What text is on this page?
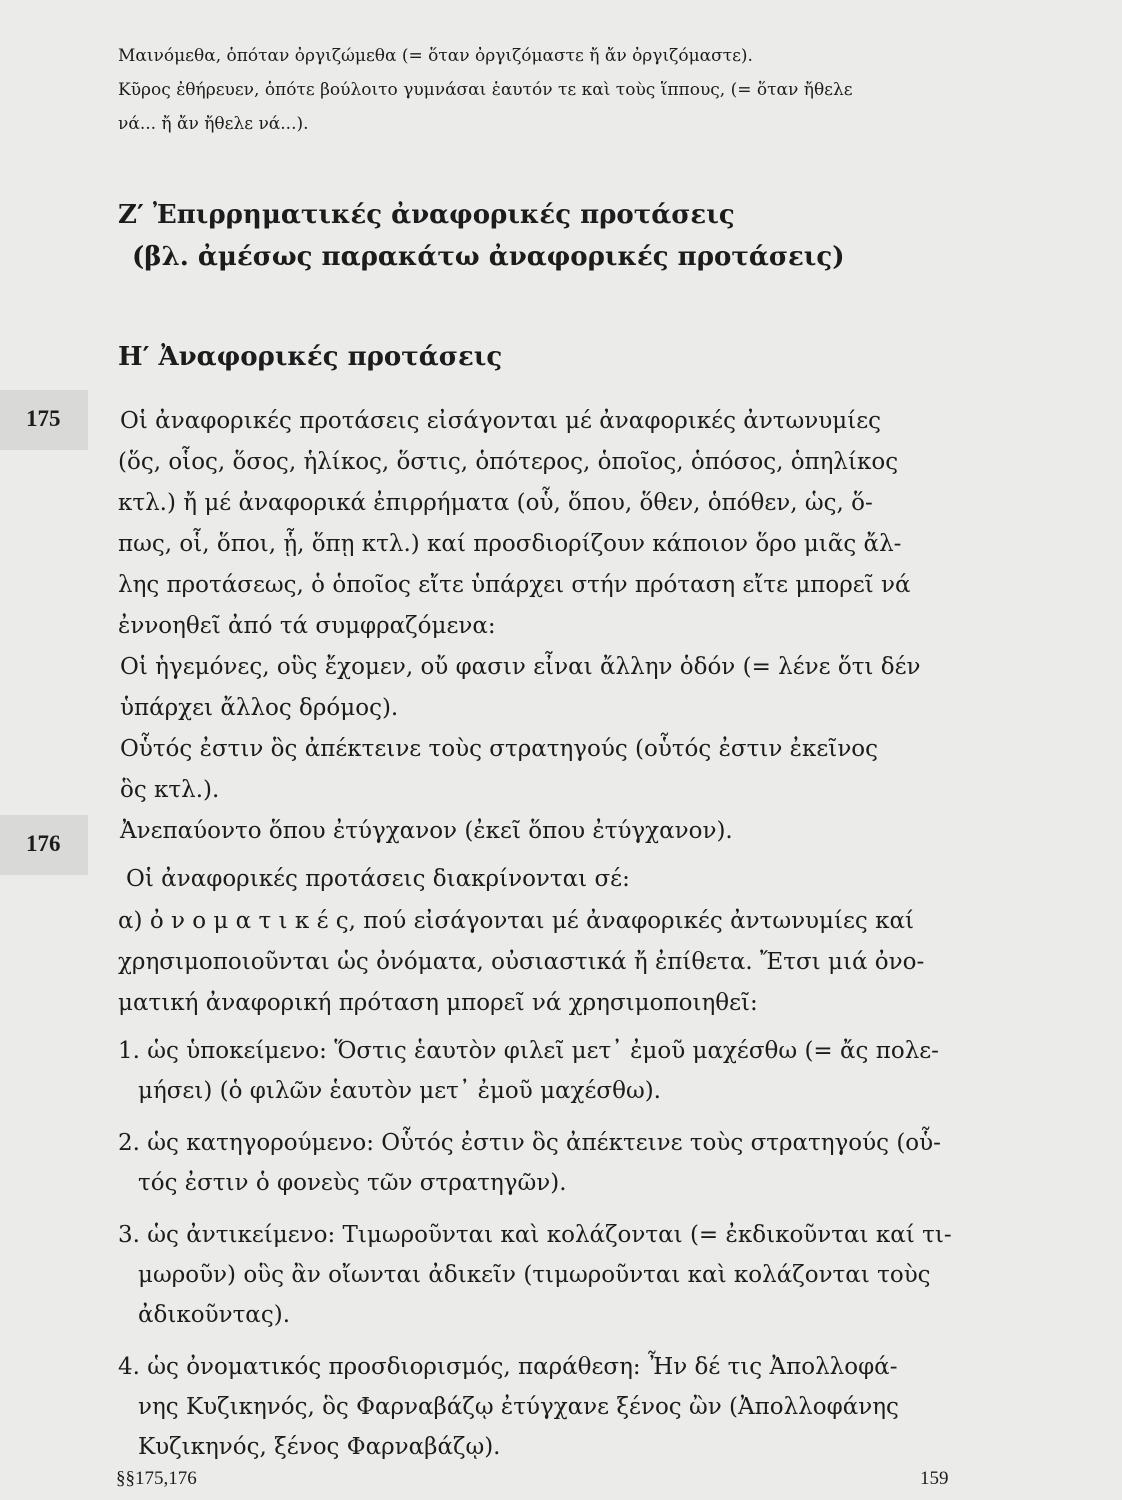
Μαινόμεθα, ὁπόταν ὀργιζώμεθα (= ὅταν ὀργιζόμαστε ἤ ἄν ὀργιζόμαστε).
Κῦρος ἐθήρευεν, ὁπότε βούλοιτο γυμνάσαι ἑαυτόν τε καὶ τοὺς ἵππους, (= ὅταν ἤθελε
νά... ἤ ἄν ἤθελε νά...).
Ζ′ Ἐπιρρηματικές ἀναφορικές προτάσεις
(βλ. ἀμέσως παρακάτω ἀναφορικές προτάσεις)
Η′ Ἀναφορικές προτάσεις
175	Οἱ ἀναφορικές προτάσεις εἰσάγονται μέ ἀναφορικές ἀντωνυμίες
(ὅς, οἷος, ὅσος, ἡλίκος, ὅστις, ὁπότερος, ὁποῖος, ὁπόσος, ὁπηλίκος
κτλ.) ἤ μέ ἀναφορικά ἐπιρρήματα (οὗ, ὅπου, ὅθεν, ὁπόθεν, ὡς, ὅ-
πως, οἷ, ὅποι, ᾗ, ὅπῃ κτλ.) καί προσδιορίζουν κάποιον ὅρο μιᾶς ἄλ-
λης προτάσεως, ὁ ὁποῖος εἴτε ὑπάρχει στήν πρόταση εἴτε μπορεῖ νά
ἐννοηθεῖ ἀπό τά συμφραζόμενα:
Οἱ ἡγεμόνες, οὓς ἔχομεν, οὔ φασιν εἶναι ἄλλην ὁδόν (= λένε ὅτι δέν
ὑπάρχει ἄλλος δρόμος).
Οὗτός ἐστιν ὃς ἀπέκτεινε τοὺς στρατηγούς (οὗτός ἐστιν ἐκεῖνος
ὃς κτλ.).
Ἀνεπαύοντο ὅπου ἐτύγχανον (ἐκεῖ ὅπου ἐτύγχανον).
176
Οἱ ἀναφορικές προτάσεις διακρίνονται σέ:
α) ὀ ν ο μ α τ ι κ έ ς, πού εἰσάγονται μέ ἀναφορικές ἀντωνυμίες καί
χρησιμοποιοῦνται ὡς ὀνόματα, οὐσιαστικά ἤ ἐπίθετα. Ἔτσι μιά ὀνο-
ματική ἀναφορική πρόταση μπορεῖ νά χρησιμοποιηθεῖ:
1. ὡς ὑποκείμενο: Ὅστις ἑαυτὸν φιλεῖ μετ᾿ ἐμοῦ μαχέσθω (= ἄς πολε-
μήσει) (ὁ φιλῶν ἑαυτὸν μετ᾿ ἐμοῦ μαχέσθω).
2. ὡς κατηγορούμενο: Οὗτός ἐστιν ὃς ἀπέκτεινε τοὺς στρατηγούς (οὗ-
τός ἐστιν ὁ φονεὺς τῶν στρατηγῶν).
3. ὡς ἀντικείμενο: Τιμωροῦνται καὶ κολάζονται (= ἐκδικοῦνται καί τι-
μωροῦν) οὓς ἂν οἴωνται ἀδικεῖν (τιμωροῦνται καὶ κολάζονται τοὺς
ἀδικοῦντας).
4. ὡς ὀνοματικός προσδιορισμός, παράθεση: Ἦν δέ τις Ἀπολλοφά-
νης Κυζικηνός, ὃς Φαρναβάζῳ ἐτύγχανε ξένος ὢν (Ἀπολλοφάνης
Κυζικηνός, ξένος Φαρναβάζῳ).
§§175,176	159
